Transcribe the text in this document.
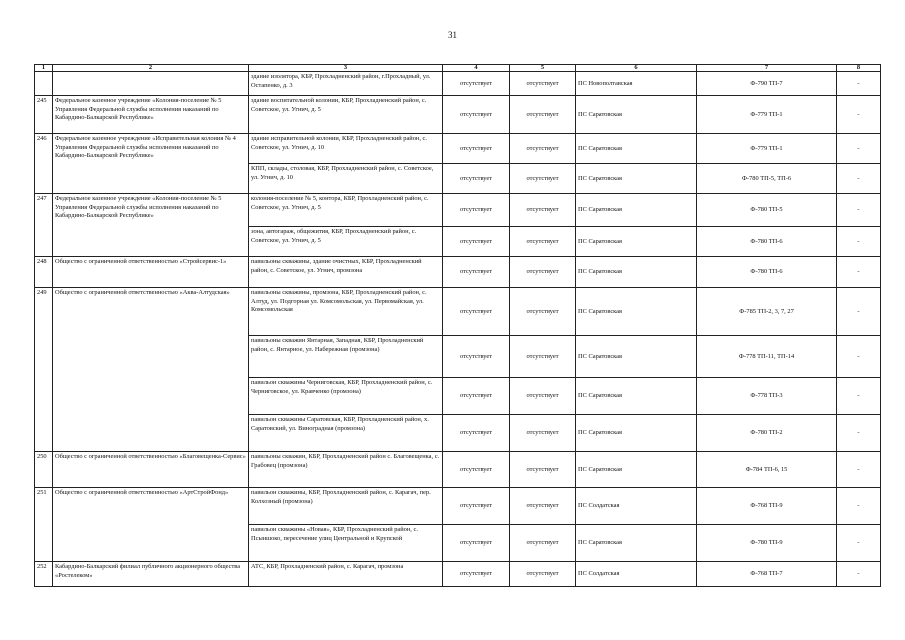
31
1	2	3	4	5	6	7	8
		здание изолятора, КБР, Прохладненский район, г.Прохладный, ул. Остапенко, д. 3	отсутствует	отсутствует	ПС Новополтавская	Ф-790 ТП-7	-
245	Федеральное казенное учреждение «Колония-поселение № 5 Управления Федеральной службы исполнения наказаний по Кабардино-Балкарской Республике»	здание воспитательной колонии, КБР, Прохладненский район, с. Советское, ул. Угнич, д. 5	отсутствует	отсутствует	ПС Саратовская	Ф-779 ТП-1	-
246	Федеральное казенное учреждение «Исправительная колония № 4 Управления Федеральной службы исполнения наказаний по Кабардино-Балкарской Республике»	здание исправительной колонии, КБР, Прохладненский район, с. Советское, ул. Угнич, д. 10	отсутствует	отсутствует	ПС Саратовская	Ф-779 ТП-1	-
		КПП, склады, столовая, КБР, Прохладненский район, с. Советское, ул. Угнич, д. 10	отсутствует	отсутствует	ПС Саратовская	Ф-780 ТП-5, ТП-6	-
247	Федеральное казенное учреждение «Колония-поселение № 5 Управления Федеральной службы исполнения наказаний по Кабардино-Балкарской Республике»	колония-поселение № 5, контора, КБР, Прохладненский район, с. Советское, ул. Угнич, д. 5	отсутствует	отсутствует	ПС Саратовская	Ф-780 ТП-5	-
		зона, автогараж, общежития, КБР, Прохладненский район, с. Советское, ул. Угнич, д. 5	отсутствует	отсутствует	ПС Саратовская	Ф-780 ТП-6	-
248	Общество с ограниченной ответственностью «Стройсервис-1»	павильоны скважины, здание очистных, КБР, Прохладненский район, с. Советское, ул. Угнич, промзона	отсутствует	отсутствует	ПС Саратовская	Ф-780 ТП-6	-
249	Общество с ограниченной ответственностью «Аква-Алтудская»	павильоны скважины, промзона, КБР, Прохладненский район, с. Алтуд, ул. Подгорная ул. Комсомольская, ул. Первомайская, ул. Комсомольская	отсутствует	отсутствует	ПС Саратовская	Ф-785 ТП-2, 3, 7, 27	-
		павильоны скважин Янтарная, Западная, КБР, Прохладненский район, с. Янтарное, ул. Набережная (промзона)	отсутствует	отсутствует	ПС Саратовская	Ф-778 ТП-11, ТП-14	-
		павильон скважины Черниговская, КБР, Прохладненский район, с. Черниговское, ул. Кравченко (промзона)	отсутствует	отсутствует	ПС Саратовская	Ф-778 ТП-3	-
		павильон скважины Саратовская, КБР, Прохладненский район, х. Саратовский, ул. Виноградная (промзона)	отсутствует	отсутствует	ПС Саратовская	Ф-780 ТП-2	-
250	Общество с ограниченной ответственностью «Благовещенка-Сервис»	павильоны скважин, КБР, Прохладненский район с. Благовещенка, с. Грабовец (промзона)	отсутствует	отсутствует	ПС Саратовская	Ф-784 ТП-6, 15	-
251	Общество с ограниченной ответственностью «АртСтройФонд»	павильон скважины, КБР, Прохладненский район, с. Карагач, пер. Колхозный (промзона)	отсутствует	отсутствует	ПС Солдатская	Ф-768 ТП-9	-
		павильон скважины «Новая», КБР, Прохладненский район, с. Псыншоко, пересечение улиц Центральной и Крупской	отсутствует	отсутствует	ПС Саратовская	Ф-780 ТП-9	-
252	Кабардино-Балкарский филиал публичного акционерного общества «Ростелеком»	АТС, КБР, Прохладненский район, с. Карагач, промзона	отсутствует	отсутствует	ПС Солдатская	Ф-768 ТП-7	-
